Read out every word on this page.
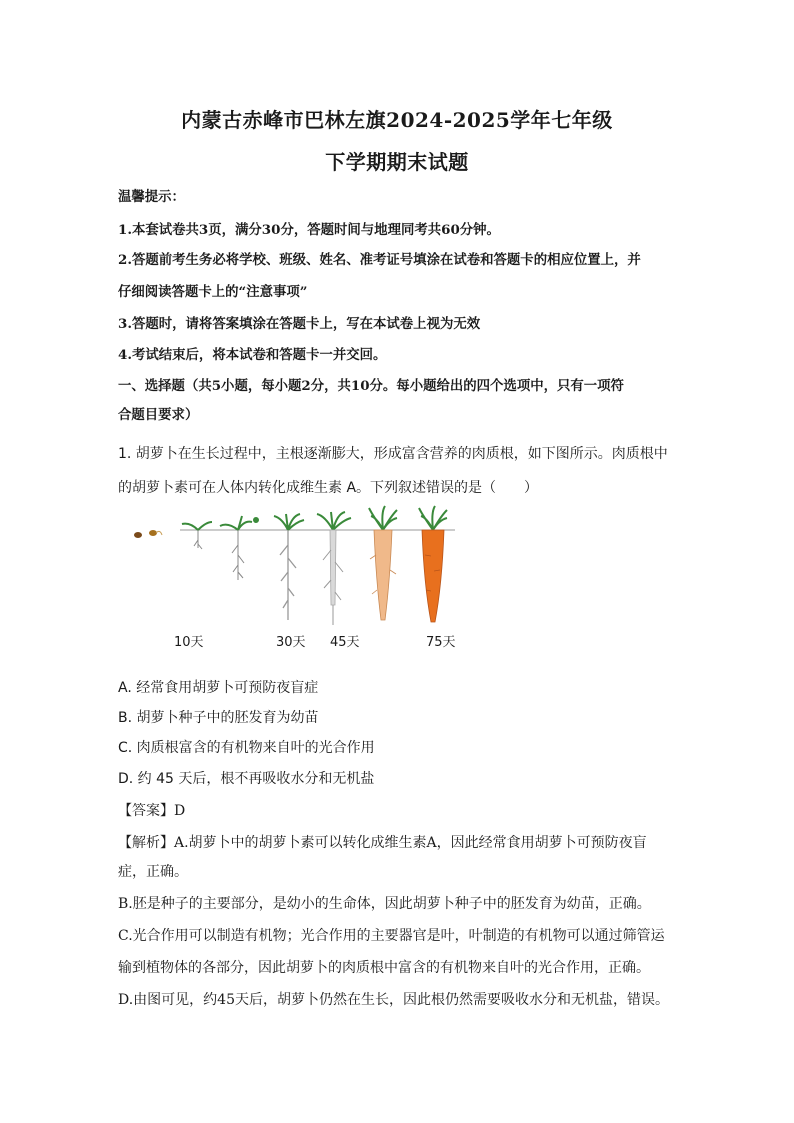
内蒙古赤峰市巴林左旗2024-2025学年七年级
下学期期末试题
温馨提示：
1.本套试卷共3页，满分30分，答题时间与地理同考共60分钟。
2.答题前考生务必将学校、班级、姓名、准考证号填涂在试卷和答题卡的相应位置上，并
仔细阅读答题卡上的“注意事项”
3.答题时，请将答案填涂在答题卡上，写在本试卷上视为无效
4.考试结束后，将本试卷和答题卡一并交回。
一、选择题（共5小题，每小题2分，共10分。每小题给出的四个选项中，只有一项符
合题目要求）
1. 胡萝卜在生长过程中，主根逐渐膨大，形成富含营养的肉质根，如下图所示。肉质根中
的胡萝卜素可在人体内转化成维生素 A。下列叙述错误的是（　　）
10天	30天 45天	75天
A. 经常食用胡萝卜可预防夜盲症
B. 胡萝卜种子中的胚发育为幼苗
C. 肉质根富含的有机物来自叶的光合作用
D. 约 45 天后，根不再吸收水分和无机盐
【答案】D
【解析】A.胡萝卜中的胡萝卜素可以转化成维生素A，因此经常食用胡萝卜可预防夜盲
症，正确。
B.胚是种子的主要部分，是幼小的生命体，因此胡萝卜种子中的胚发育为幼苗，正确。
C.光合作用可以制造有机物；光合作用的主要器官是叶，叶制造的有机物可以通过筛管运
输到植物体的各部分，因此胡萝卜的肉质根中富含的有机物来自叶的光合作用，正确。
D.由图可见，约45天后，胡萝卜仍然在生长，因此根仍然需要吸收水分和无机盐，错误。
